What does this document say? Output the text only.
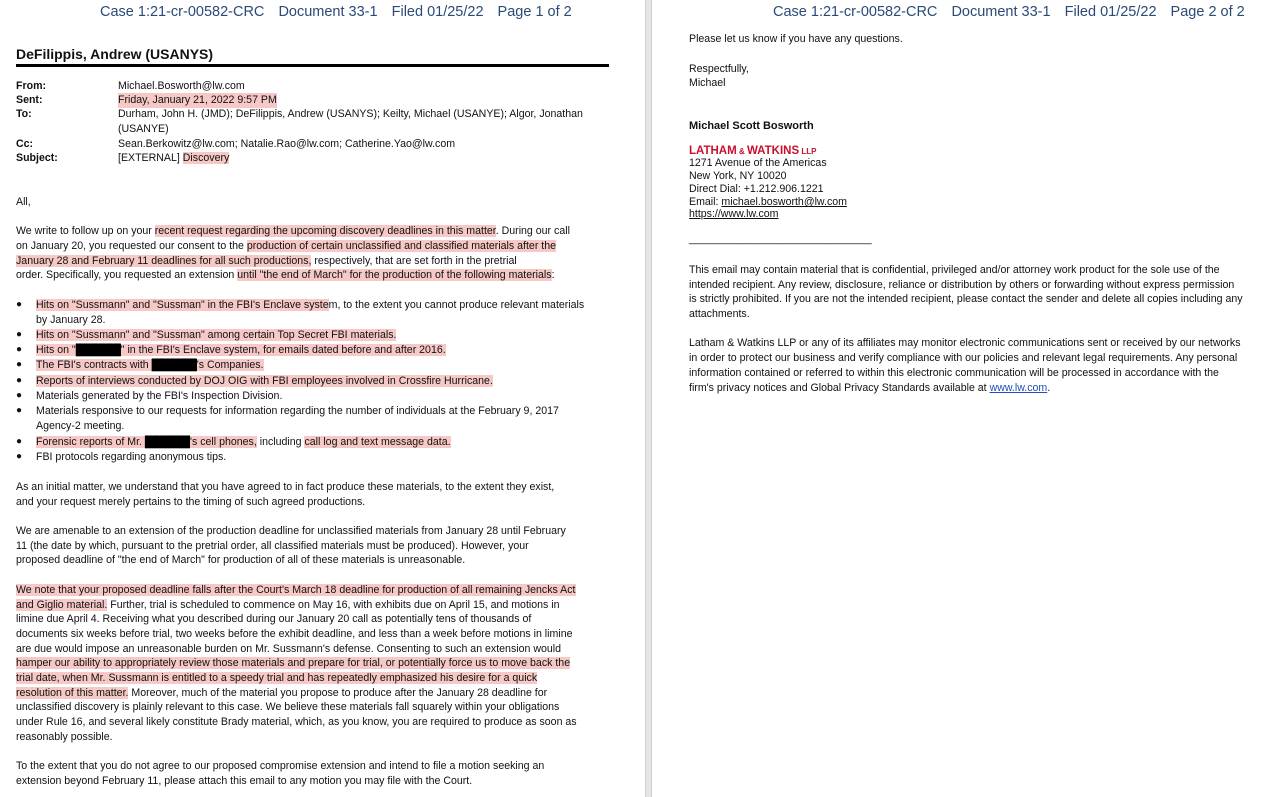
Case 1:21-cr-00582-CRC Document 33-1 Filed 01/25/22 Page 1 of 2
DeFilippis, Andrew (USANYS)
From:	Michael.Bosworth@lw.com
Sent:	Friday, January 21, 2022 9:57 PM
To:	Durham, John H. (JMD); DeFilippis, Andrew (USANYS); Keilty, Michael (USANYE); Algor, Jonathan
(USANYE)
Cc:	Sean.Berkowitz@lw.com; Natalie.Rao@lw.com; Catherine.Yao@lw.com
Subject:	[EXTERNAL] Discovery
All,
We write to follow up on your recent request regarding the upcoming discovery deadlines in this matter. During our call
on January 20, you requested our consent to the production of certain unclassified and classified materials after the
January 28 and February 11 deadlines for all such productions, respectively, that are set forth in the pretrial
order. Specifically, you requested an extension until "the end of March" for the production of the following materials:
● Hits on "Sussmann" and "Sussman" in the FBI's Enclave system, to the extent you cannot produce relevant materials
by January 28.
● Hits on "Sussmann" and "Sussman" among certain Top Secret FBI materials.
● Hits on "██████" in the FBI's Enclave system, for emails dated before and after 2016.
● The FBI's contracts with ██████'s Companies.
● Reports of interviews conducted by DOJ OIG with FBI employees involved in Crossfire Hurricane.
● Materials generated by the FBI's Inspection Division.
● Materials responsive to our requests for information regarding the number of individuals at the February 9, 2017
Agency-2 meeting.
● Forensic reports of Mr. ██████'s cell phones, including call log and text message data.
● FBI protocols regarding anonymous tips.
As an initial matter, we understand that you have agreed to in fact produce these materials, to the extent they exist,
and your request merely pertains to the timing of such agreed productions.
We are amenable to an extension of the production deadline for unclassified materials from January 28 until February
11 (the date by which, pursuant to the pretrial order, all classified materials must be produced). However, your
proposed deadline of "the end of March" for production of all of these materials is unreasonable.
We note that your proposed deadline falls after the Court's March 18 deadline for production of all remaining Jencks Act
and Giglio material. Further, trial is scheduled to commence on May 16, with exhibits due on April 15, and motions in
limine due April 4. Receiving what you described during our January 20 call as potentially tens of thousands of
documents six weeks before trial, two weeks before the exhibit deadline, and less than a week before motions in limine
are due would impose an unreasonable burden on Mr. Sussmann's defense. Consenting to such an extension would
hamper our ability to appropriately review those materials and prepare for trial, or potentially force us to move back the
trial date, when Mr. Sussmann is entitled to a speedy trial and has repeatedly emphasized his desire for a quick
resolution of this matter. Moreover, much of the material you propose to produce after the January 28 deadline for
unclassified discovery is plainly relevant to this case. We believe these materials fall squarely within your obligations
under Rule 16, and several likely constitute Brady material, which, as you know, you are required to produce as soon as
reasonably possible.
To the extent that you do not agree to our proposed compromise extension and intend to file a motion seeking an
extension beyond February 11, please attach this email to any motion you may file with the Court.
Case 1:21-cr-00582-CRC Document 33-1 Filed 01/25/22 Page 2 of 2
Please let us know if you have any questions.
Respectfully,
Michael
Michael Scott Bosworth
LATHAM & WATKINS LLP
1271 Avenue of the Americas
New York, NY 10020
Direct Dial: +1.212.906.1221
Email: michael.bosworth@lw.com
https://www.lw.com
_______________________________
This email may contain material that is confidential, privileged and/or attorney work product for the sole use of the
intended recipient. Any review, disclosure, reliance or distribution by others or forwarding without express permission
is strictly prohibited. If you are not the intended recipient, please contact the sender and delete all copies including any
attachments.
Latham & Watkins LLP or any of its affiliates may monitor electronic communications sent or received by our networks
in order to protect our business and verify compliance with our policies and relevant legal requirements. Any personal
information contained or referred to within this electronic communication will be processed in accordance with the
firm's privacy notices and Global Privacy Standards available at www.lw.com.
